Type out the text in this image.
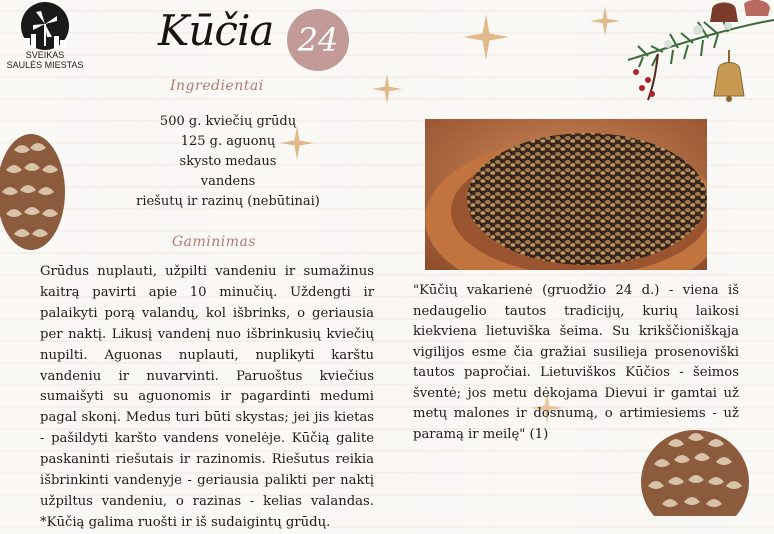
SVEIKAS
SAULĖS MIESTAS
Kūčia 24
Ingredientai
500 g. kviečių grūdų
125 g. aguonų
skysto medaus
vandens
riešutų ir razinų (nebūtinai)
Gaminimas
Grūdus nuplauti, užpilti vandeniu ir sumažinus kaitrą pavirti apie 10 minučių. Uždengti ir palaikyti porą valandų, kol išbrinks, o geriausia per naktį. Likusį vandenį nuo išbrinkusių kviečių nupilti. Aguonas nuplauti, nuplikyti karštu vandeniu ir nuvarvinti. Paruoštus kviečius sumaišyti su aguonomis ir pagardinti medumi pagal skonį. Medus turi būti skystas; jei jis kietas - pašildyti karšto vandens vonelėje. Kūčią galite paskaninti riešutais ir razinomis. Riešutus reikia išbrinkinti vandenyje - geriausia palikti per naktį užpiltus vandeniu, o razinas - kelias valandas. *Kūčią galima ruošti ir iš sudaigintų grūdų.
"Kūčių vakarienė (gruodžio 24 d.) - viena iš nedaugelio tautos tradicijų, kurių laikosi kiekviena lietuviška šeima. Su krikščioniškąja vigilijos esme čia gražiai susilieja prosenoviški tautos papročiai. Lietuviškos Kūčios - šeimos šventė; jos metu dėkojama Dievui ir gamtai už metų malones ir dosnumą, o artimiesiems - už paramą ir meilę" (1)
